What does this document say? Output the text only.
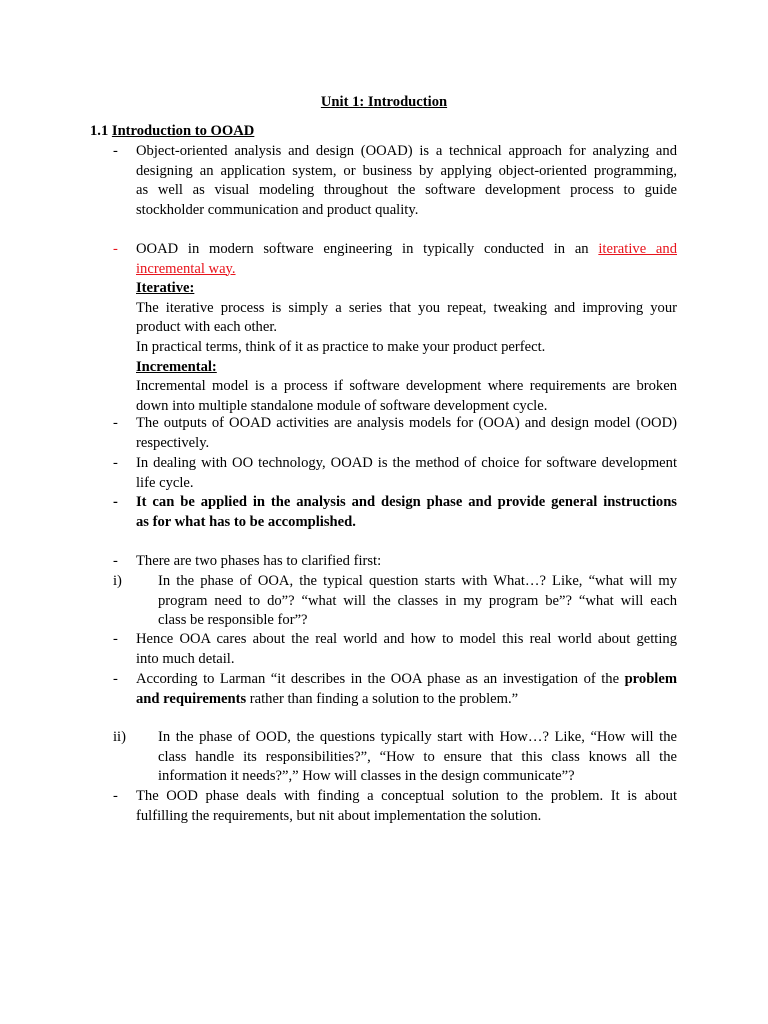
Unit 1: Introduction
1.1 Introduction to OOAD
- Object-oriented analysis and design (OOAD) is a technical approach for analyzing and
designing an application system, or business by applying object-oriented programming,
as well as visual modeling throughout the software development process to guide
stockholder communication and product quality.
- OOAD in modern software engineering in typically conducted in an iterative and
incremental way.
Iterative:
The iterative process is simply a series that you repeat, tweaking and improving your
product with each other.
In practical terms, think of it as practice to make your product perfect.
Incremental:
Incremental model is a process if software development where requirements are broken
down into multiple standalone module of software development cycle.
- The outputs of OOAD activities are analysis models for (OOA) and design model (OOD)
respectively.
- In dealing with OO technology, OOAD is the method of choice for software development
life cycle.
- It can be applied in the analysis and design phase and provide general instructions
as for what has to be accomplished.
- There are two phases has to clarified first:
i) In the phase of OOA, the typical question starts with What…? Like, “what will my
program need to do”? “what will the classes in my program be”? “what will each
class be responsible for”?
- Hence OOA cares about the real world and how to model this real world about getting
into much detail.
- According to Larman “it describes in the OOA phase as an investigation of the problem
and requirements rather than finding a solution to the problem.”
ii) In the phase of OOD, the questions typically start with How…? Like, “How will the
class handle its responsibilities?”, “How to ensure that this class knows all the
information it needs?”,” How will classes in the design communicate”?
- The OOD phase deals with finding a conceptual solution to the problem. It is about
fulfilling the requirements, but nit about implementation the solution.
